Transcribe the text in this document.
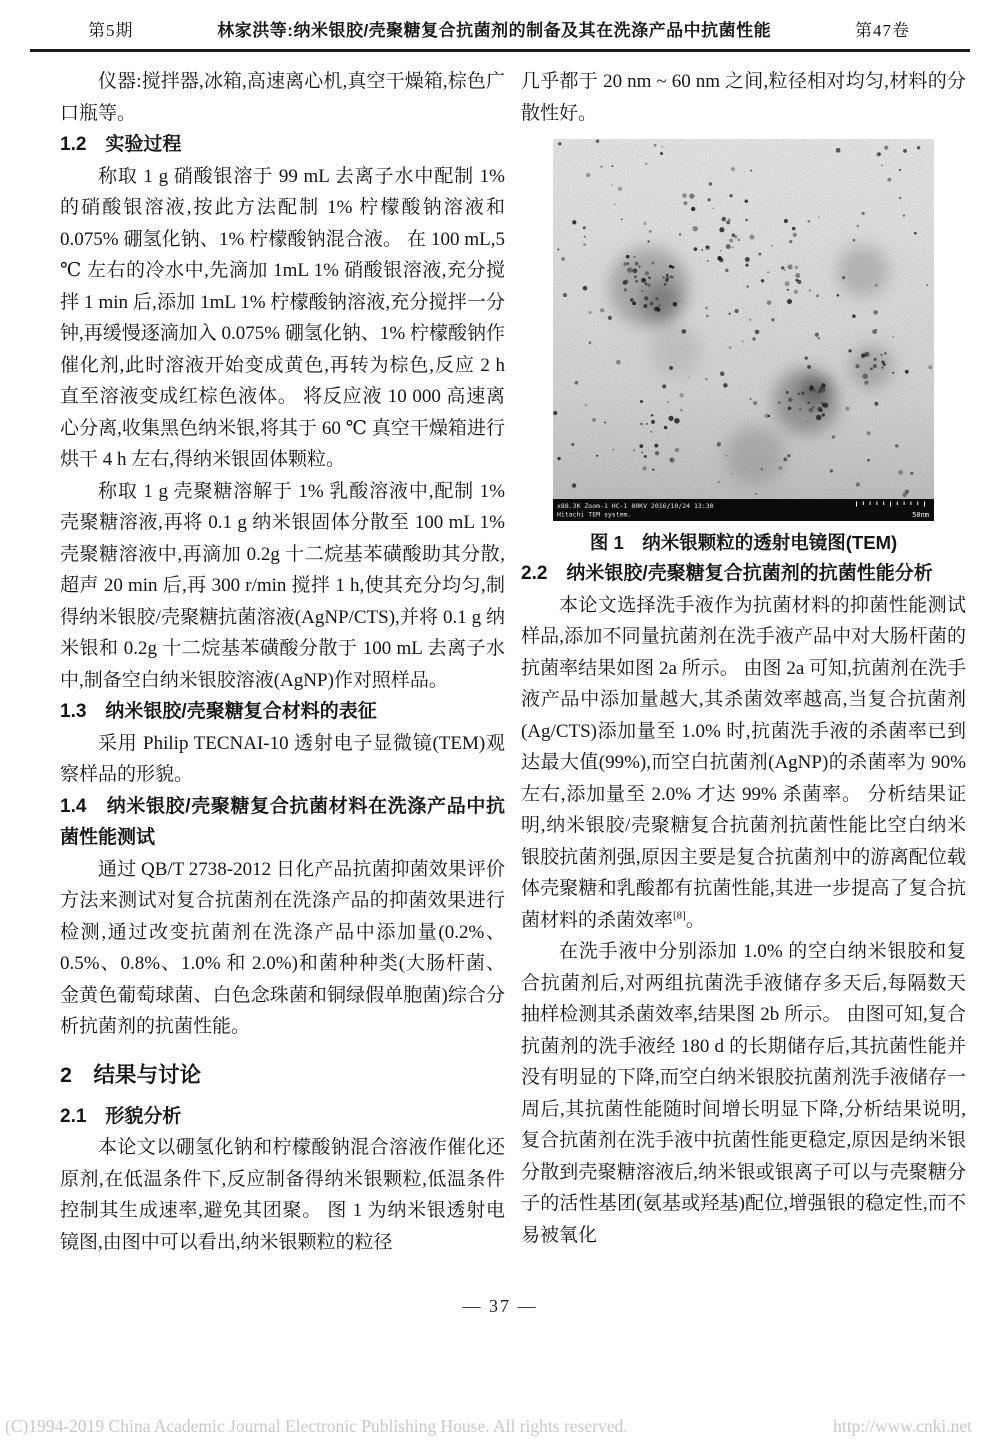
第5期	林家洪等:纳米银胶/壳聚糖复合抗菌剂的制备及其在洗涤产品中抗菌性能	第47卷

仪器:搅拌器,冰箱,高速离心机,真空干燥箱,棕色广口瓶等。

1.2　实验过程

称取 1 g 硝酸银溶于 99 mL 去离子水中配制 1% 的硝酸银溶液,按此方法配制 1% 柠檬酸钠溶液和 0.075% 硼氢化钠、1% 柠檬酸钠混合液。 在 100 mL,5 ℃ 左右的冷水中,先滴加 1mL 1% 硝酸银溶液,充分搅拌 1 min 后,添加 1mL 1% 柠檬酸钠溶液,充分搅拌一分钟,再缓慢逐滴加入 0.075% 硼氢化钠、1% 柠檬酸钠作催化剂,此时溶液开始变成黄色,再转为棕色,反应 2 h 直至溶液变成红棕色液体。 将反应液 10 000 高速离心分离,收集黑色纳米银,将其于 60 ℃ 真空干燥箱进行烘干 4 h 左右,得纳米银固体颗粒。

称取 1 g 壳聚糖溶解于 1% 乳酸溶液中,配制 1% 壳聚糖溶液,再将 0.1 g 纳米银固体分散至 100 mL 1% 壳聚糖溶液中,再滴加 0.2g 十二烷基苯磺酸助其分散,超声 20 min 后,再 300 r/min 搅拌 1 h,使其充分均匀,制得纳米银胶/壳聚糖抗菌溶液(AgNP/CTS),并将 0.1 g 纳米银和 0.2g 十二烷基苯磺酸分散于 100 mL 去离子水中,制备空白纳米银胶溶液(AgNP)作对照样品。

1.3　纳米银胶/壳聚糖复合材料的表征

采用 Philip TECNAI-10 透射电子显微镜(TEM)观察样品的形貌。

1.4　纳米银胶/壳聚糖复合抗菌材料在洗涤产品中抗菌性能测试

通过 QB/T 2738-2012 日化产品抗菌抑菌效果评价方法来测试对复合抗菌剂在洗涤产品的抑菌效果进行检测,通过改变抗菌剂在洗涤产品中添加量(0.2%、0.5%、0.8%、1.0% 和 2.0%)和菌种种类(大肠杆菌、金黄色葡萄球菌、白色念珠菌和铜绿假单胞菌)综合分析抗菌剂的抗菌性能。

2　结果与讨论
2.1　形貌分析

本论文以硼氢化钠和柠檬酸钠混合溶液作催化还原剂,在低温条件下,反应制备得纳米银颗粒,低温条件控制其生成速率,避免其团聚。 图 1 为纳米银透射电镜图,由图中可以看出,纳米银颗粒的粒径

几乎都于 20 nm ~ 60 nm 之间,粒径相对均匀,材料的分散性好。

x88.3K Zoom-1 HC-1 80KV 2016/10/24 13:30
Hitachi TEM system.	50nm
图 1　纳米银颗粒的透射电镜图(TEM)
2.2　纳米银胶/壳聚糖复合抗菌剂的抗菌性能分析

本论文选择洗手液作为抗菌材料的抑菌性能测试样品,添加不同量抗菌剂在洗手液产品中对大肠杆菌的抗菌率结果如图 2a 所示。 由图 2a 可知,抗菌剂在洗手液产品中添加量越大,其杀菌效率越高,当复合抗菌剂(Ag/CTS)添加量至 1.0% 时,抗菌洗手液的杀菌率已到达最大值(99%),而空白抗菌剂(AgNP)的杀菌率为 90% 左右,添加量至 2.0% 才达 99% 杀菌率。 分析结果证明,纳米银胶/壳聚糖复合抗菌剂抗菌性能比空白纳米银胶抗菌剂强,原因主要是复合抗菌剂中的游离配位载体壳聚糖和乳酸都有抗菌性能,其进一步提高了复合抗菌材料的杀菌效率[8]。

在洗手液中分别添加 1.0% 的空白纳米银胶和复合抗菌剂后,对两组抗菌洗手液储存多天后,每隔数天抽样检测其杀菌效率,结果图 2b 所示。 由图可知,复合抗菌剂的洗手液经 180 d 的长期储存后,其抗菌性能并没有明显的下降,而空白纳米银胶抗菌剂洗手液储存一周后,其抗菌性能随时间增长明显下降,分析结果说明,复合抗菌剂在洗手液中抗菌性能更稳定,原因是纳米银分散到壳聚糖溶液后,纳米银或银离子可以与壳聚糖分子的活性基团(氨基或羟基)配位,增强银的稳定性,而不易被氧化

— 37 —
(C)1994-2019 China Academic Journal Electronic Publishing House. All rights reserved.	http://www.cnki.net
